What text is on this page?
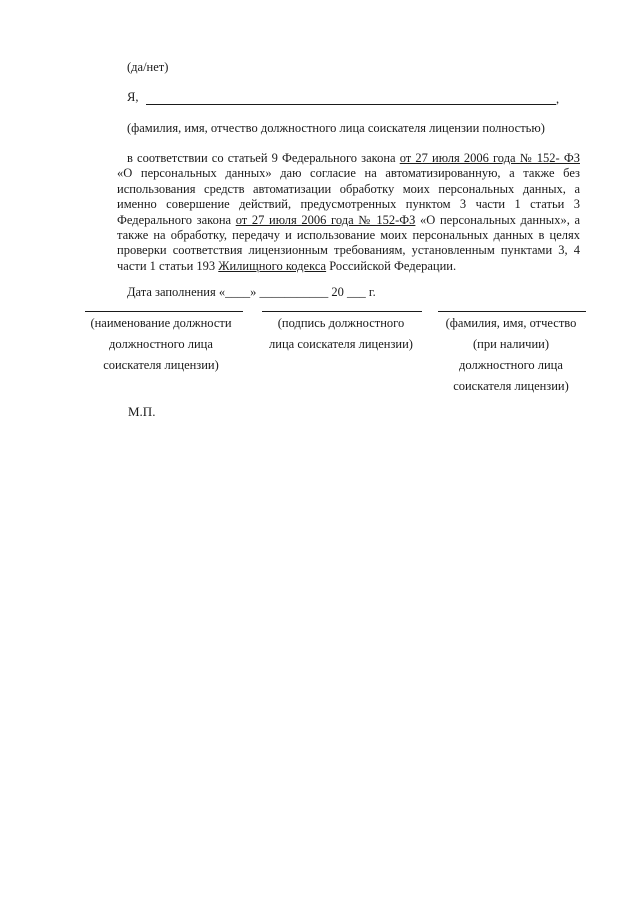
(да/нет)
Я,	,
(фамилия, имя, отчество должностного лица соискателя лицензии полностью)
в соответствии со статьей 9 Федерального закона от 27 июля 2006 года № 152- ФЗ «О персональных данных» даю согласие на автоматизированную, а также без использования средств автоматизации обработку моих персональных данных, а именно совершение действий, предусмотренных пунктом 3 части 1 статьи 3 Федерального закона от 27 июля 2006 года № 152-ФЗ «О персональных данных», а также на обработку, передачу и использование моих персональных данных в целях проверки соответствия лицензионным требованиям, установленным пунктами 3, 4 части 1 статьи 193 Жилищного кодекса Российской Федерации.
Дата заполнения «____» ___________ 20 ___ г.
(наименование должности
должностного лица
соискателя лицензии)
(подпись должностного
лица соискателя лицензии)
(фамилия, имя, отчество
(при наличии)
должностного лица
соискателя лицензии)
М.П.
